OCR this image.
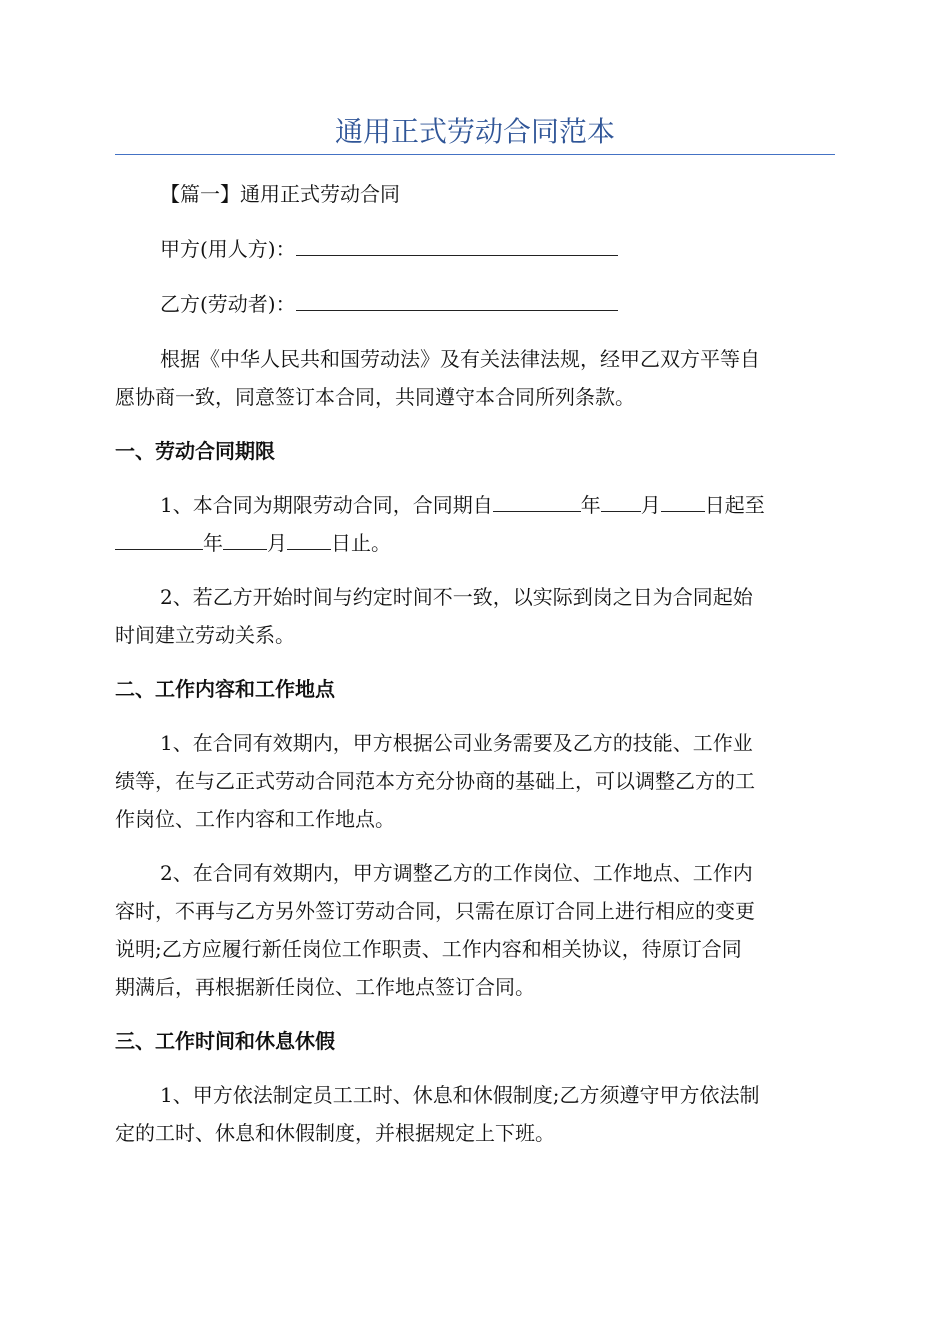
通用正式劳动合同范本

【篇一】通用正式劳动合同

甲方(用人方)：

乙方(劳动者)：

根据《中华人民共和国劳动法》及有关法律法规，经甲乙双方平等自

愿协商一致，同意签订本合同，共同遵守本合同所列条款。

一、劳动合同期限

1、本合同为期限劳动合同，合同期自	年 月 日起至

年 月 日止。

2、若乙方开始时间与约定时间不一致，以实际到岗之日为合同起始

时间建立劳动关系。

二、工作内容和工作地点

1、在合同有效期内，甲方根据公司业务需要及乙方的技能、工作业

绩等，在与乙正式劳动合同范本方充分协商的基础上，可以调整乙方的工

作岗位、工作内容和工作地点。

2、在合同有效期内，甲方调整乙方的工作岗位、工作地点、工作内

容时，不再与乙方另外签订劳动合同，只需在原订合同上进行相应的变更

说明;乙方应履行新任岗位工作职责、工作内容和相关协议，待原订合同

期满后，再根据新任岗位、工作地点签订合同。

三、工作时间和休息休假

1、甲方依法制定员工工时、休息和休假制度;乙方须遵守甲方依法制

定的工时、休息和休假制度，并根据规定上下班。
